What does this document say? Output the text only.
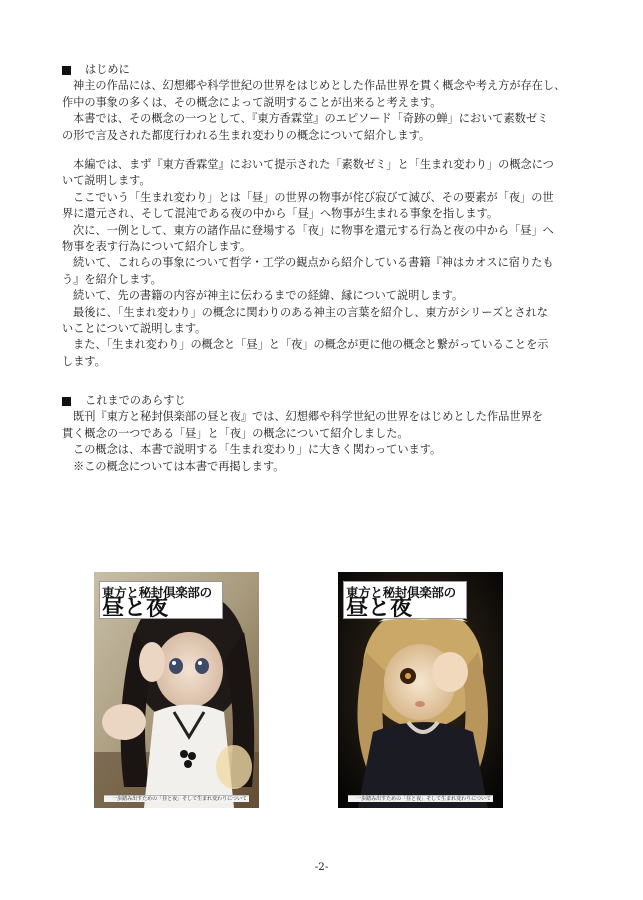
はじめに
神主の作品には、幻想郷や科学世紀の世界をはじめとした作品世界を貫く概念や考え方が存在し、
作中の事象の多くは、その概念によって説明することが出来ると考えます。
本書では、その概念の一つとして、『東方香霖堂』のエピソード「奇跡の蝉」において素数ゼミ
の形で言及された都度行われる生まれ変わりの概念について紹介します。
本編では、まず『東方香霖堂』において提示された「素数ゼミ」と「生まれ変わり」の概念につ
いて説明します。
ここでいう「生まれ変わり」とは「昼」の世界の物事が侘び寂びて滅び、その要素が「夜」の世
界に還元され、そして混沌である夜の中から「昼」へ物事が生まれる事象を指します。
次に、一例として、東方の諸作品に登場する「夜」に物事を還元する行為と夜の中から「昼」へ
物事を表す行為について紹介します。
続いて、これらの事象について哲学・工学の観点から紹介している書籍『神はカオスに宿りたも
う』を紹介します。
続いて、先の書籍の内容が神主に伝わるまでの経緯、縁について説明します。
最後に、「生まれ変わり」の概念に関わりのある神主の言葉を紹介し、東方がシリーズとされな
いことについて説明します。
また、「生まれ変わり」の概念と「昼」と「夜」の概念が更に他の概念と繋がっていることを示
します。
これまでのあらすじ
既刊『東方と秘封倶楽部の昼と夜』では、幻想郷や科学世紀の世界をはじめとした作品世界を
貫く概念の一つである「昼」と「夜」の概念について紹介しました。
この概念は、本書で説明する「生まれ変わり」に大きく関わっています。
※この概念については本書で再掲します。
東方と秘封倶楽部の
昼と夜
一歩踏み出すための「昼と夜」そして生まれ変わりについて
東方と秘封倶楽部の
昼と夜
一歩踏み出すための「昼と夜」そして生まれ変わりについて
-2-
